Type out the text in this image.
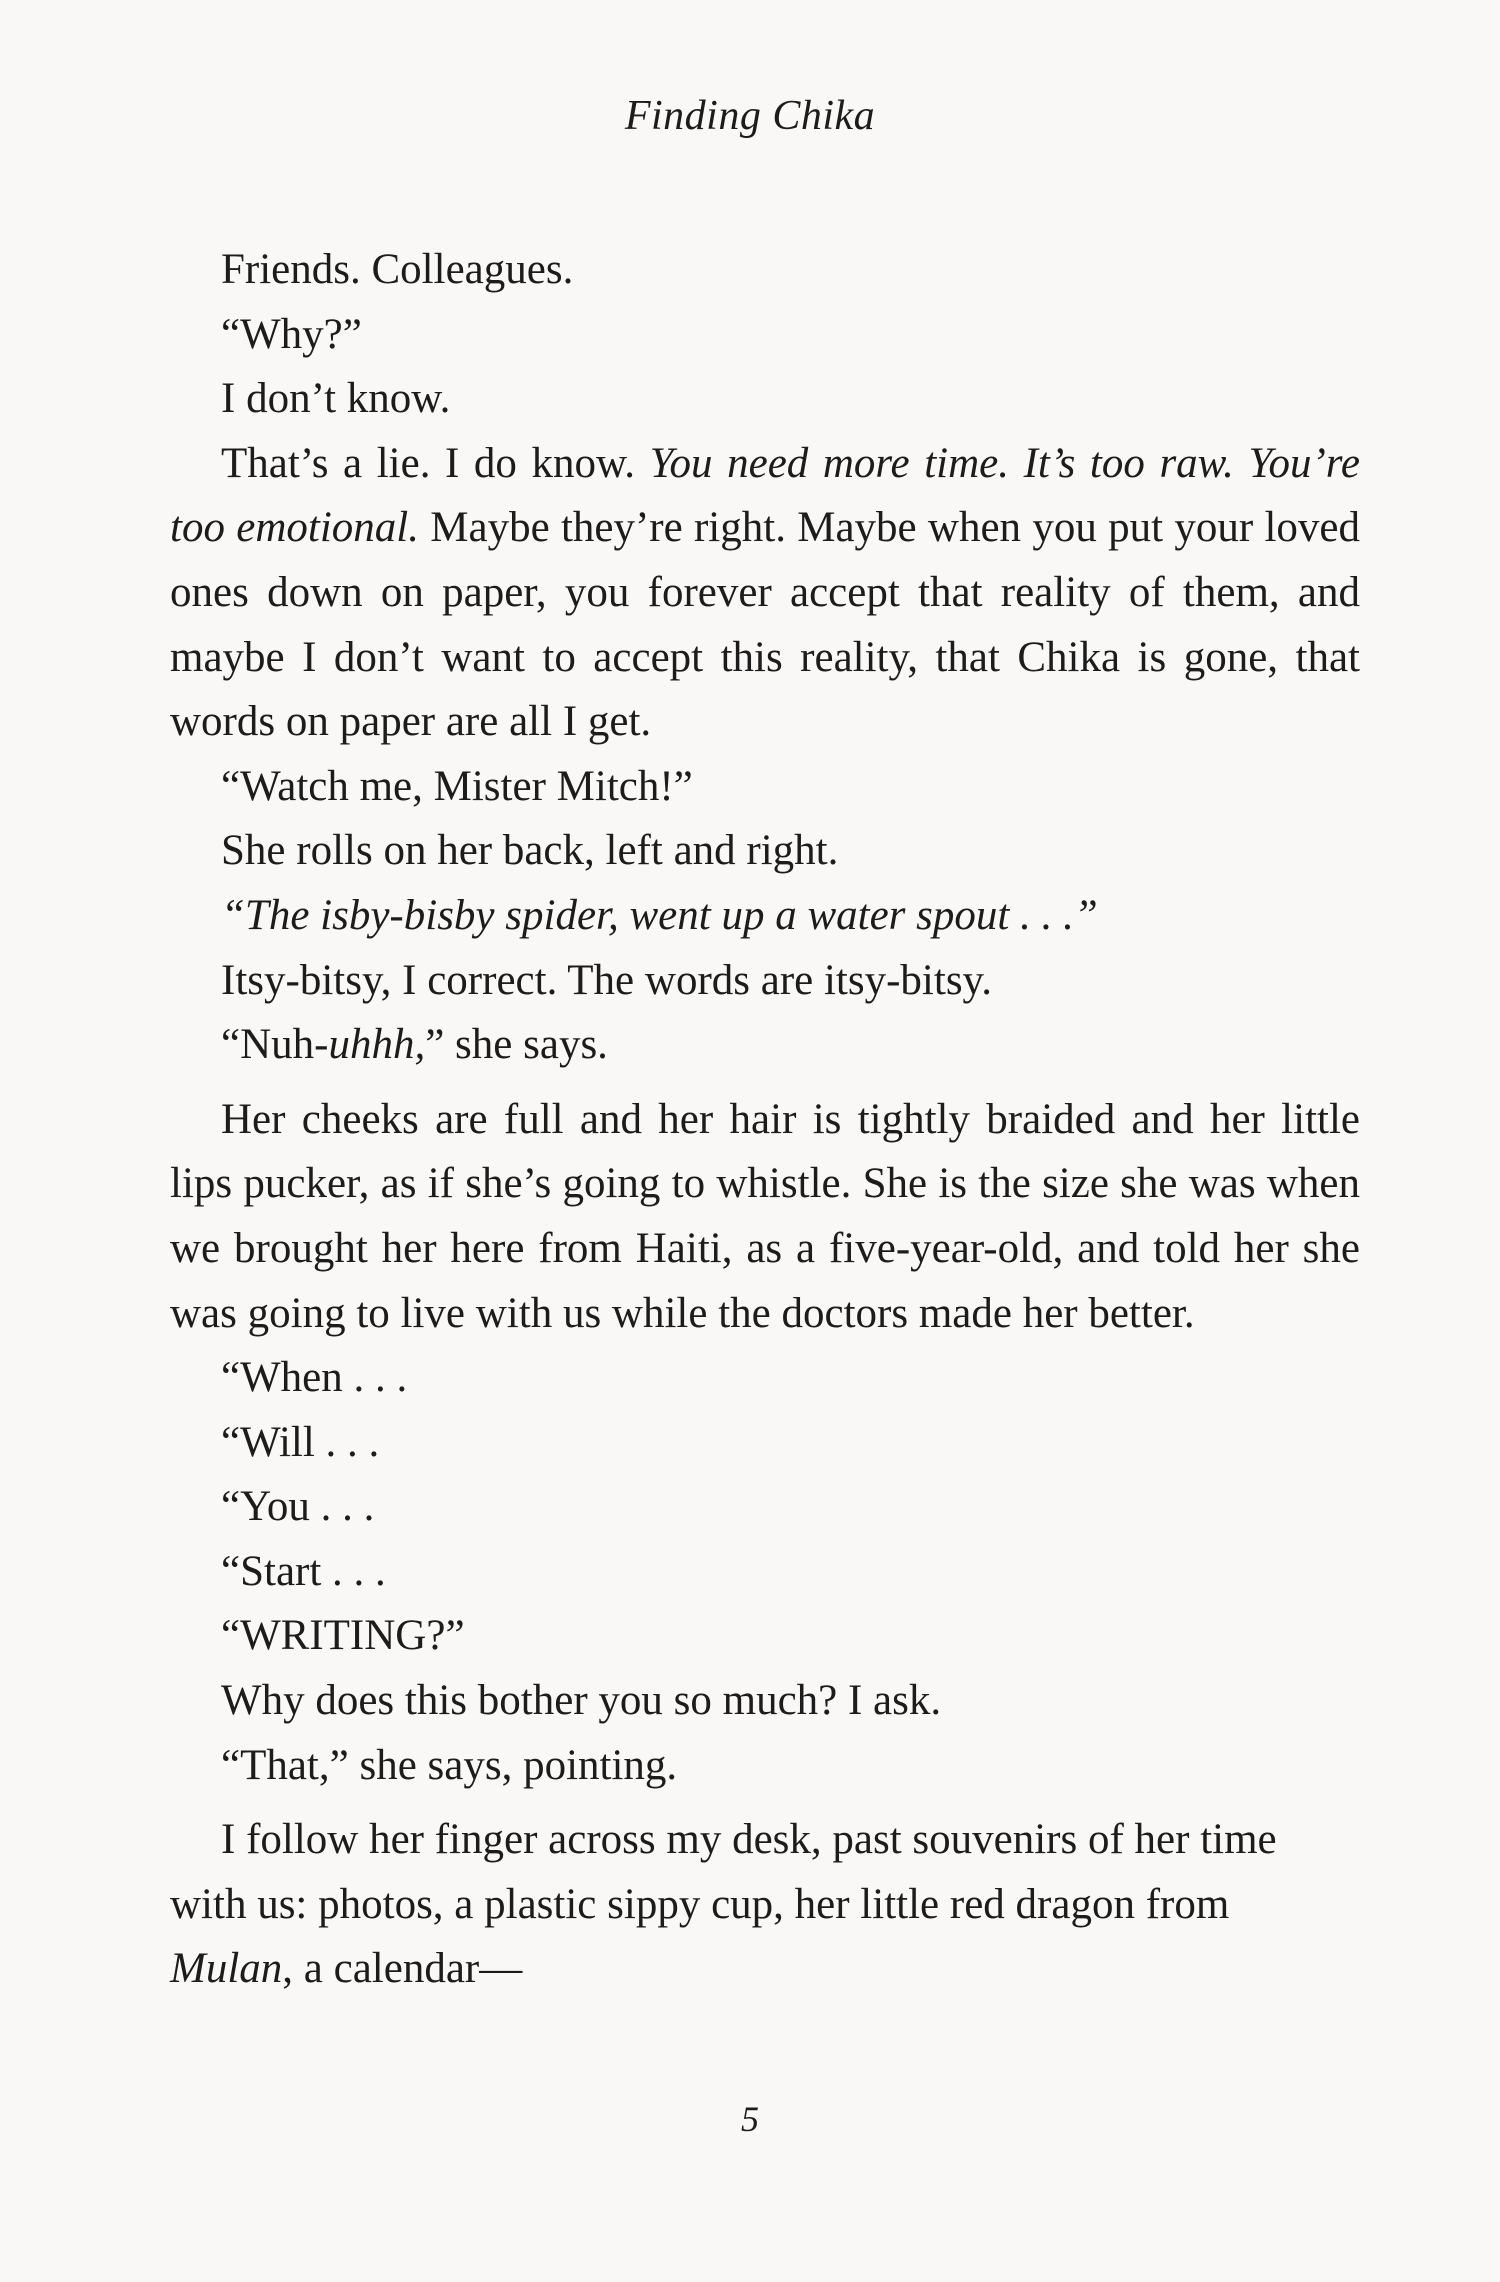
Finding Chika

Friends. Colleagues.

“Why?”

I don’t know.

That’s a lie. I do know. You need more time. It’s too raw. You’re too emotional. Maybe they’re right. Maybe when you put your loved ones down on paper, you forever accept that reality of them, and maybe I don’t want to accept this reality, that Chika is gone, that words on paper are all I get.

“Watch me, Mister Mitch!”

She rolls on her back, left and right.

“The isby-bisby spider, went up a water spout . . .”

Itsy-bitsy, I correct. The words are itsy-bitsy.

“Nuh-uhhh,” she says.

Her cheeks are full and her hair is tightly braided and her little lips pucker, as if she’s going to whistle. She is the size she was when we brought her here from Haiti, as a five-year-old, and told her she was going to live with us while the doctors made her better.

“When . . .

“Will . . .

“You . . .

“Start . . .

“WRITING?”

Why does this bother you so much? I ask.

“That,” she says, pointing.

I follow her finger across my desk, past souvenirs of her time with us: photos, a plastic sippy cup, her little red dragon from Mulan, a calendar—

5
